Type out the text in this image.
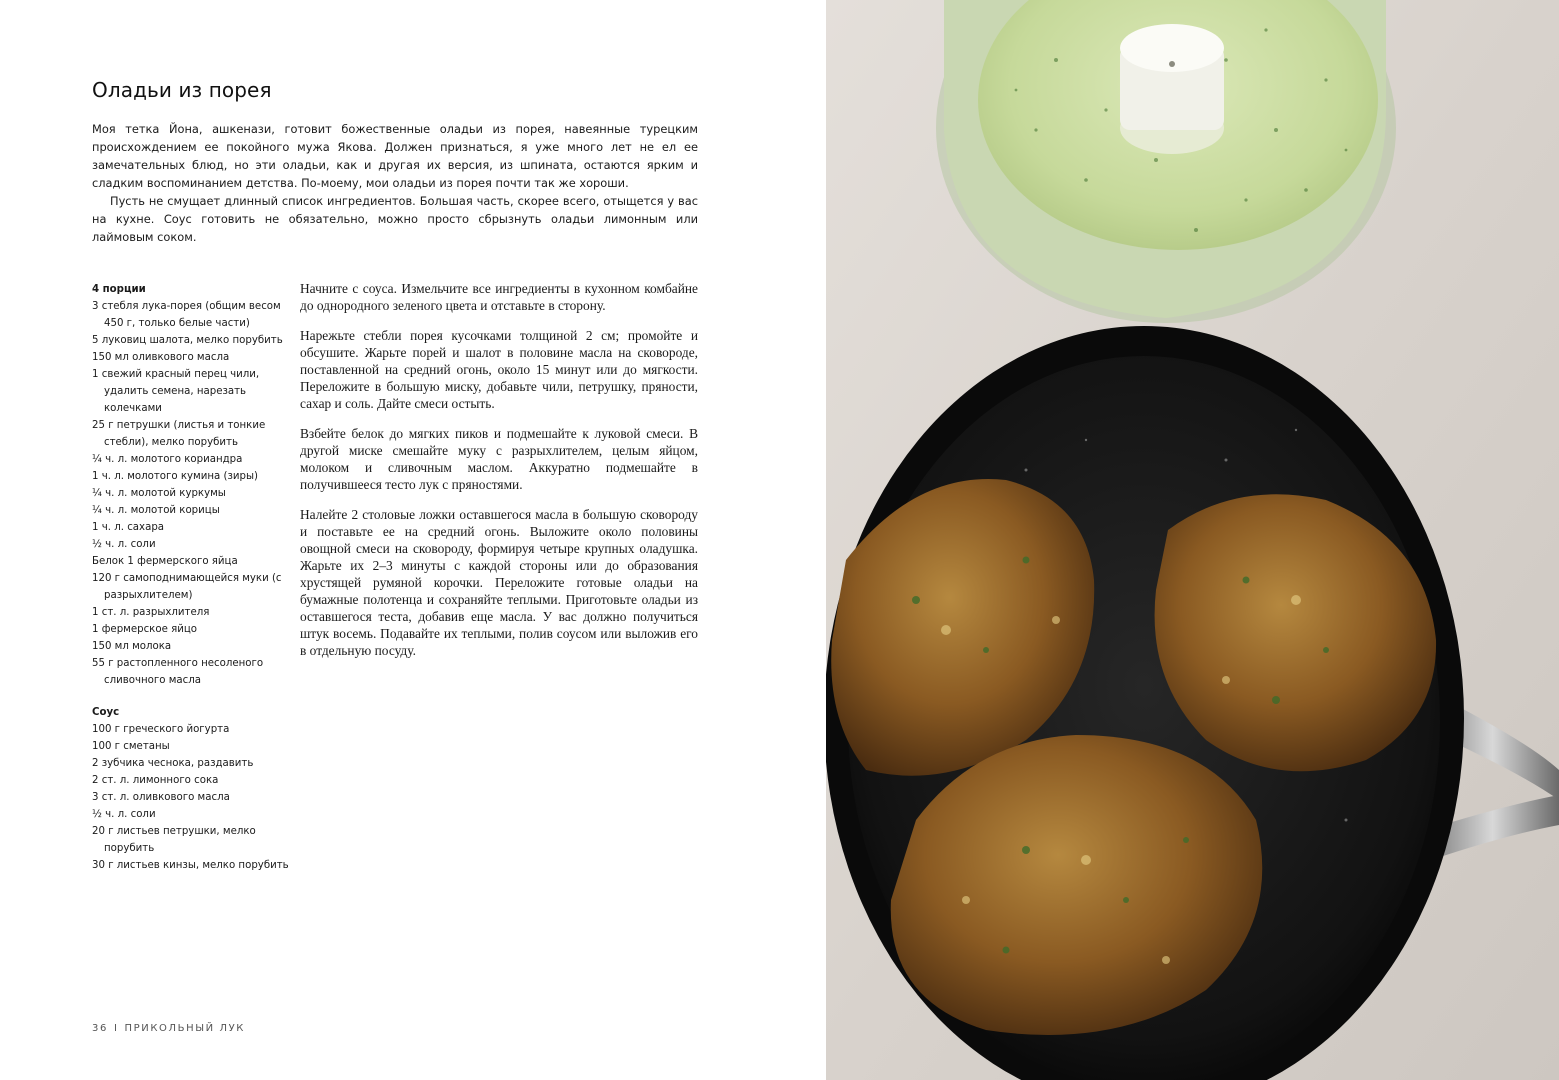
Оладьи из порея

Моя тетка Йона, ашкенази, готовит божественные оладьи из порея, навеянные турецким происхождением ее покойного мужа Якова. Должен признаться, я уже много лет не ел ее замечательных блюд, но эти оладьи, как и другая их версия, из шпината, остаются ярким и сладким воспоминанием детства. По-моему, мои оладьи из порея почти так же хороши.

Пусть не смущает длинный список ингредиентов. Большая часть, скорее всего, отыщется у вас на кухне. Соус готовить не обязательно, можно просто сбрызнуть оладьи лимонным или лаймовым соком.

4 порции

3 стебля лука-порея (общим весом 450 г, только белые части)
5 луковиц шалота, мелко порубить
150 мл оливкового масла
1 свежий красный перец чили, удалить семена, нарезать колечками
25 г петрушки (листья и тонкие стебли), мелко порубить
¼ ч. л. молотого кориандра
1 ч. л. молотого кумина (зиры)
¼ ч. л. молотой куркумы
¼ ч. л. молотой корицы
1 ч. л. сахара
½ ч. л. соли
Белок 1 фермерского яйца
120 г самоподнимающейся муки (с разрыхлителем)
1 ст. л. разрыхлителя
1 фермерское яйцо
150 мл молока
55 г растопленного несоленого сливочного масла

Соус

100 г греческого йогурта
100 г сметаны
2 зубчика чеснока, раздавить
2 ст. л. лимонного сока
3 ст. л. оливкового масла
½ ч. л. соли
20 г листьев петрушки, мелко порубить
30 г листьев кинзы, мелко порубить

Начните с соуса. Измельчите все ингредиенты в кухонном комбайне до однородного зеленого цвета и отставьте в сторону.

Нарежьте стебли порея кусочками толщиной 2 см; промойте и обсушите. Жарьте порей и шалот в половине масла на сковороде, поставленной на средний огонь, около 15 минут или до мягкости. Переложите в большую миску, добавьте чили, петрушку, пряности, сахар и соль. Дайте смеси остыть.

Взбейте белок до мягких пиков и подмешайте к луковой смеси. В другой миске смешайте муку с разрыхлителем, целым яйцом, молоком и сливочным маслом. Аккуратно подмешайте в получившееся тесто лук с пряностями.

Налейте 2 столовые ложки оставшегося масла в большую сковороду и поставьте ее на средний огонь. Выложите около половины овощной смеси на сковороду, формируя четыре крупных оладушка. Жарьте их 2–3 минуты с каждой стороны или до образования хрустящей румяной корочки. Переложите готовые оладьи на бумажные полотенца и сохраняйте теплыми. Приготовьте оладьи из оставшегося теста, добавив еще масла. У вас должно получиться штук восемь. Подавайте их теплыми, полив соусом или выложив его в отдельную посуду.

36 I ПРИКОЛЬНЫЙ ЛУК
